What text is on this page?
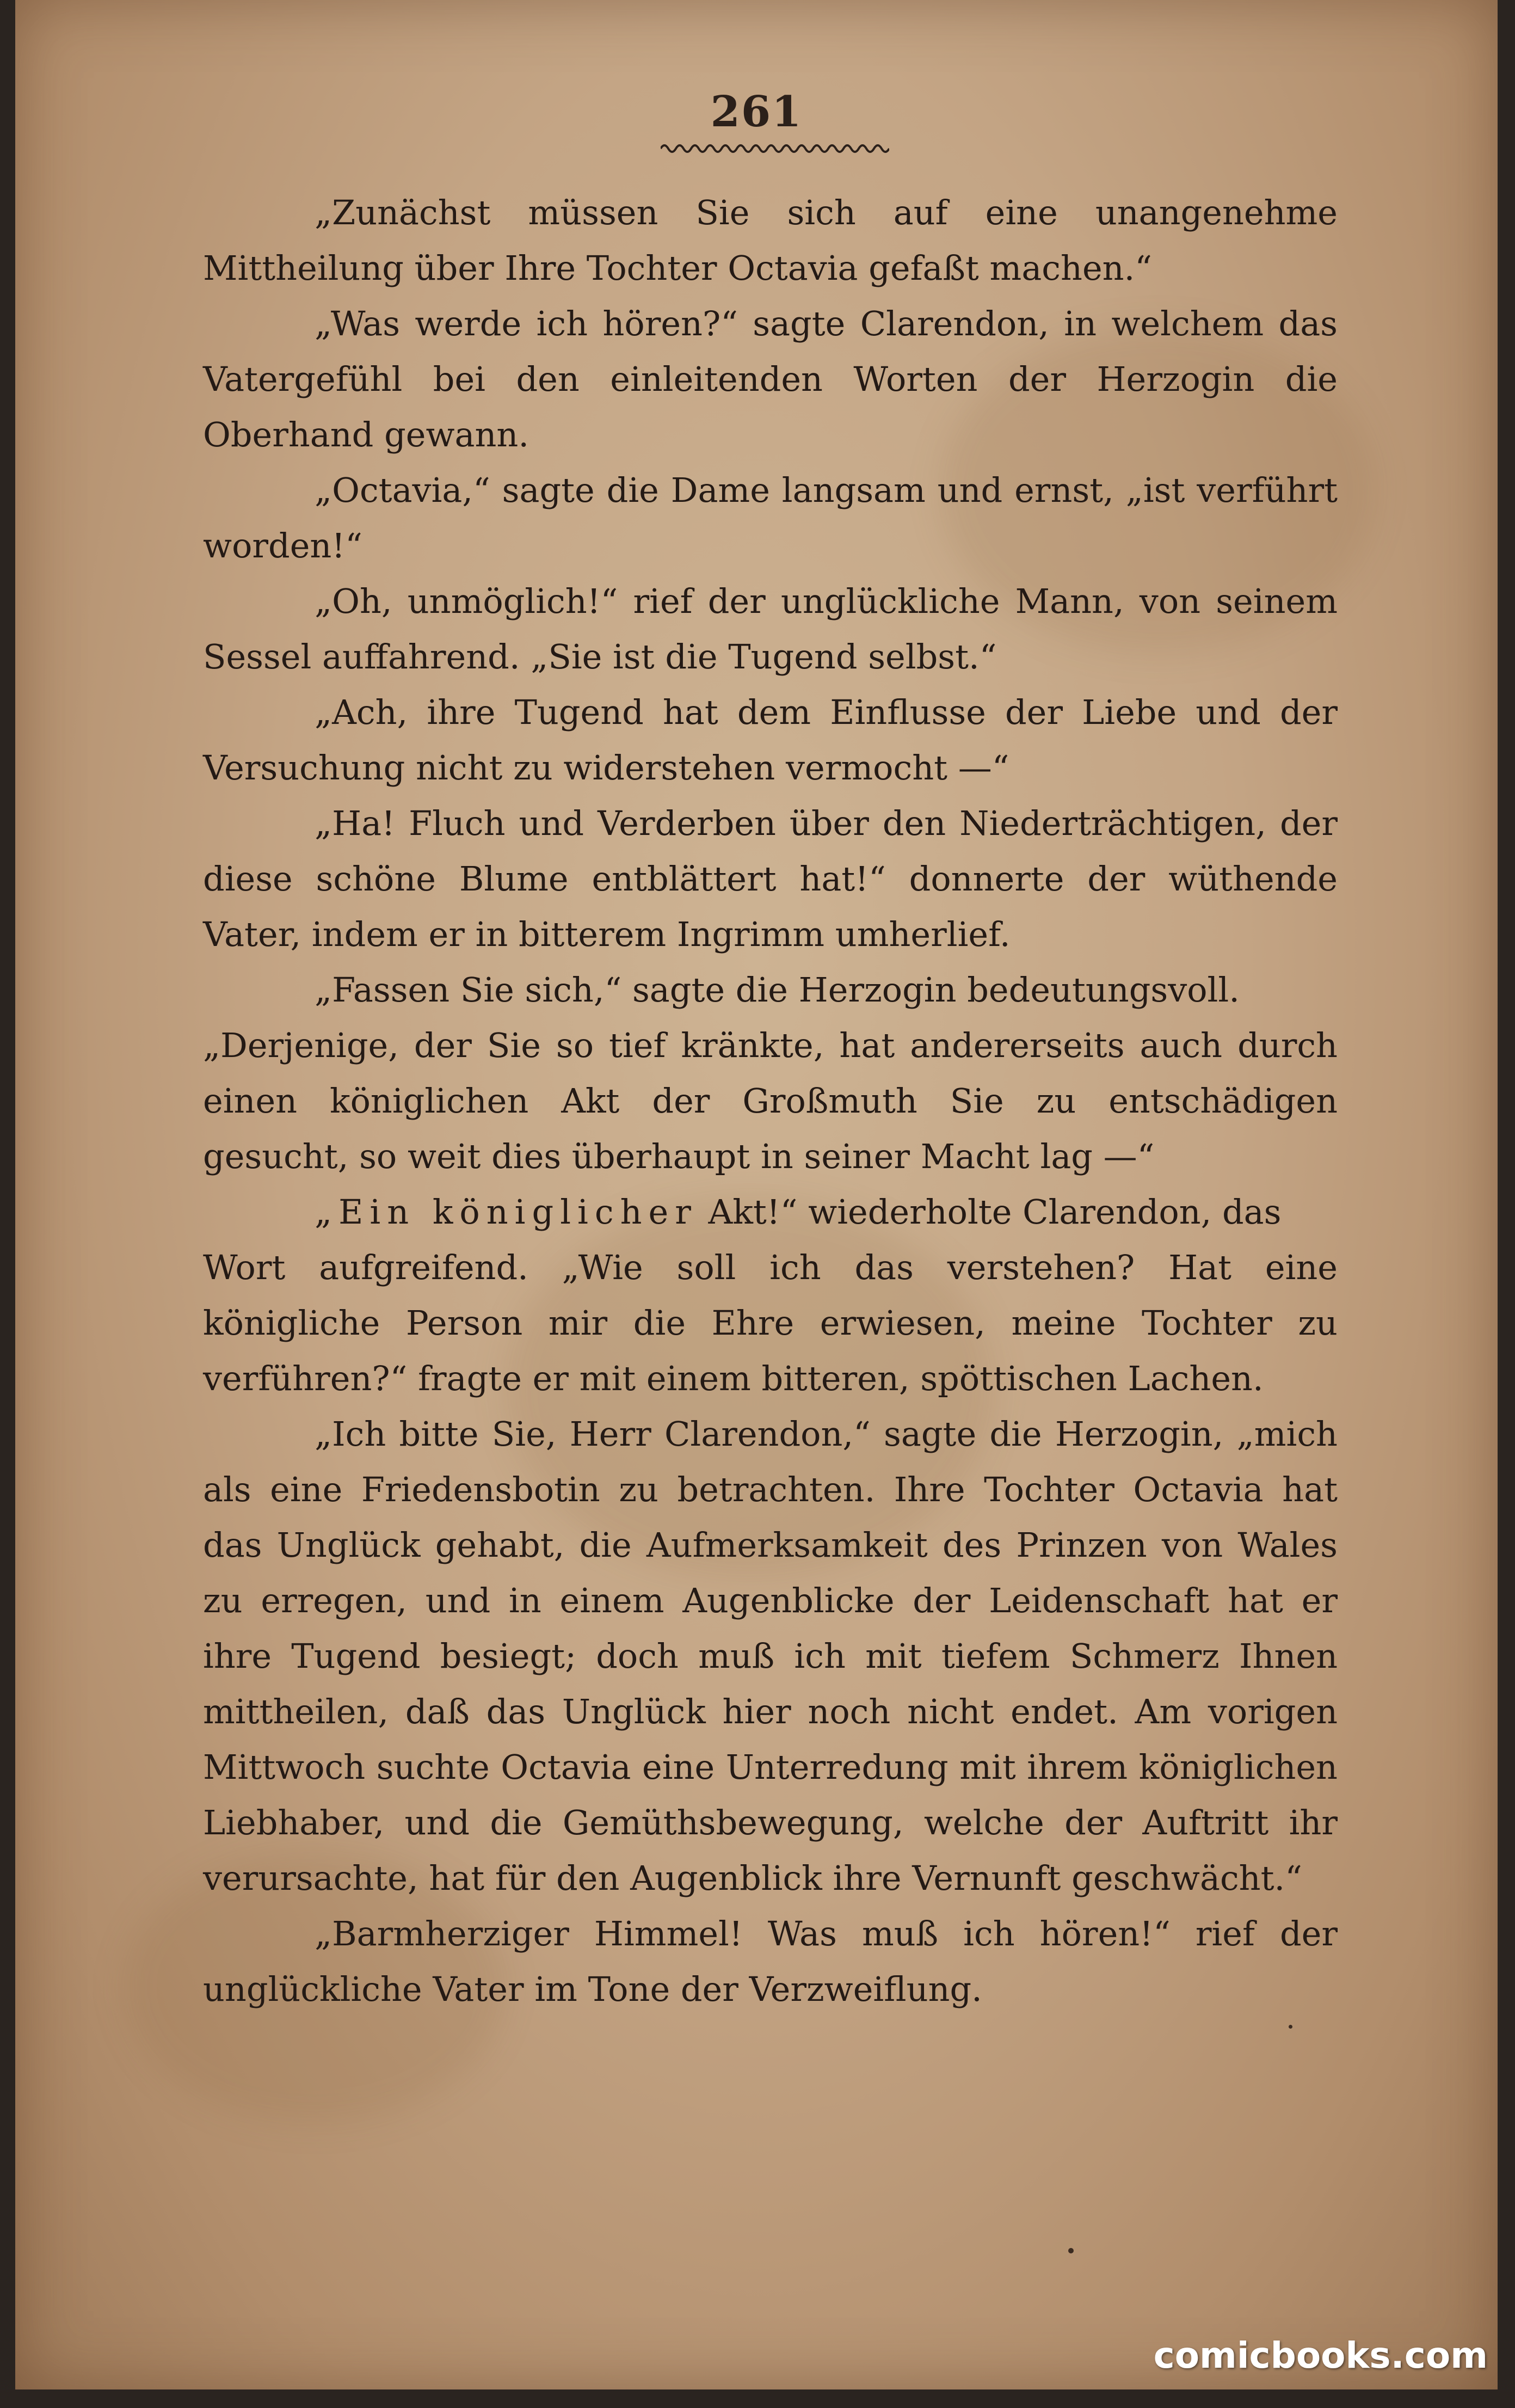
261

„Zunächst müssen Sie sich auf eine unangenehme Mittheilung über Ihre Tochter Octavia gefaßt machen.“

„Was werde ich hören?“ sagte Clarendon, in welchem das Vatergefühl bei den einleitenden Worten der Herzogin die Oberhand gewann.

„Octavia,“ sagte die Dame langsam und ernst, „ist verführt worden!“

„Oh, unmöglich!“ rief der unglückliche Mann, von seinem Sessel auffahrend. „Sie ist die Tugend selbst.“

„Ach, ihre Tugend hat dem Einflusse der Liebe und der Versuchung nicht zu widerstehen vermocht —“

„Ha! Fluch und Verderben über den Niederträchtigen, der diese schöne Blume entblättert hat!“ donnerte der wüthende Vater, indem er in bitterem Ingrimm umherlief.

„Fassen Sie sich,“ sagte die Herzogin bedeutungsvoll.

„Derjenige, der Sie so tief kränkte, hat andererseits auch durch einen königlichen Akt der Großmuth Sie zu entschädigen gesucht, so weit dies überhaupt in seiner Macht lag —“

„Ein königlicher Akt!“ wiederholte Clarendon, das

Wort aufgreifend. „Wie soll ich das verstehen? Hat eine königliche Person mir die Ehre erwiesen, meine Tochter zu verführen?“ fragte er mit einem bitteren, spöttischen Lachen.

„Ich bitte Sie, Herr Clarendon,“ sagte die Herzogin, „mich als eine Friedensbotin zu betrachten. Ihre Tochter Octavia hat das Unglück gehabt, die Aufmerksamkeit des Prinzen von Wales zu erregen, und in einem Augenblicke der Leidenschaft hat er ihre Tugend besiegt; doch muß ich mit tiefem Schmerz Ihnen mittheilen, daß das Unglück hier noch nicht endet. Am vorigen Mittwoch suchte Octavia eine Unterredung mit ihrem königlichen Liebhaber, und die Gemüthsbewegung, welche der Auftritt ihr verursachte, hat für den Augenblick ihre Vernunft geschwächt.“

„Barmherziger Himmel! Was muß ich hören!“ rief der unglückliche Vater im Tone der Verzweiflung.

comicbooks.com
